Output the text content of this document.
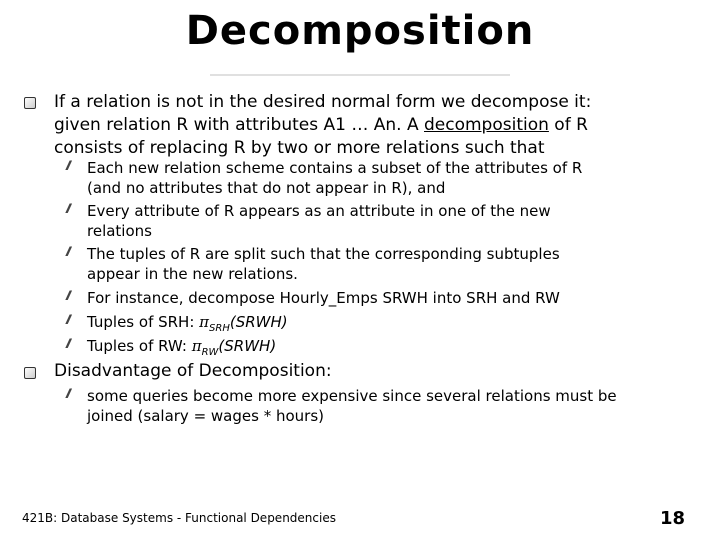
Decomposition
If a relation is not in the desired normal form we decompose it:
given relation R with attributes A1 … An. A decomposition of R
consists of replacing R by two or more relations such that
I Each new relation scheme contains a subset of the attributes of R
(and no attributes that do not appear in R), and
I Every attribute of R appears as an attribute in one of the new
relations
I The tuples of R are split such that the corresponding subtuples
appear in the new relations.
I For instance, decompose Hourly_Emps SRWH into SRH and RW
I Tuples of SRH: $\pi_{SRH}(SRWH)$
I Tuples of RW: $\pi_{RW}(SRWH)$
Disadvantage of Decomposition:
I some queries become more expensive since several relations must be
joined (salary = wages * hours)
421B: Database Systems - Functional Dependencies	18
